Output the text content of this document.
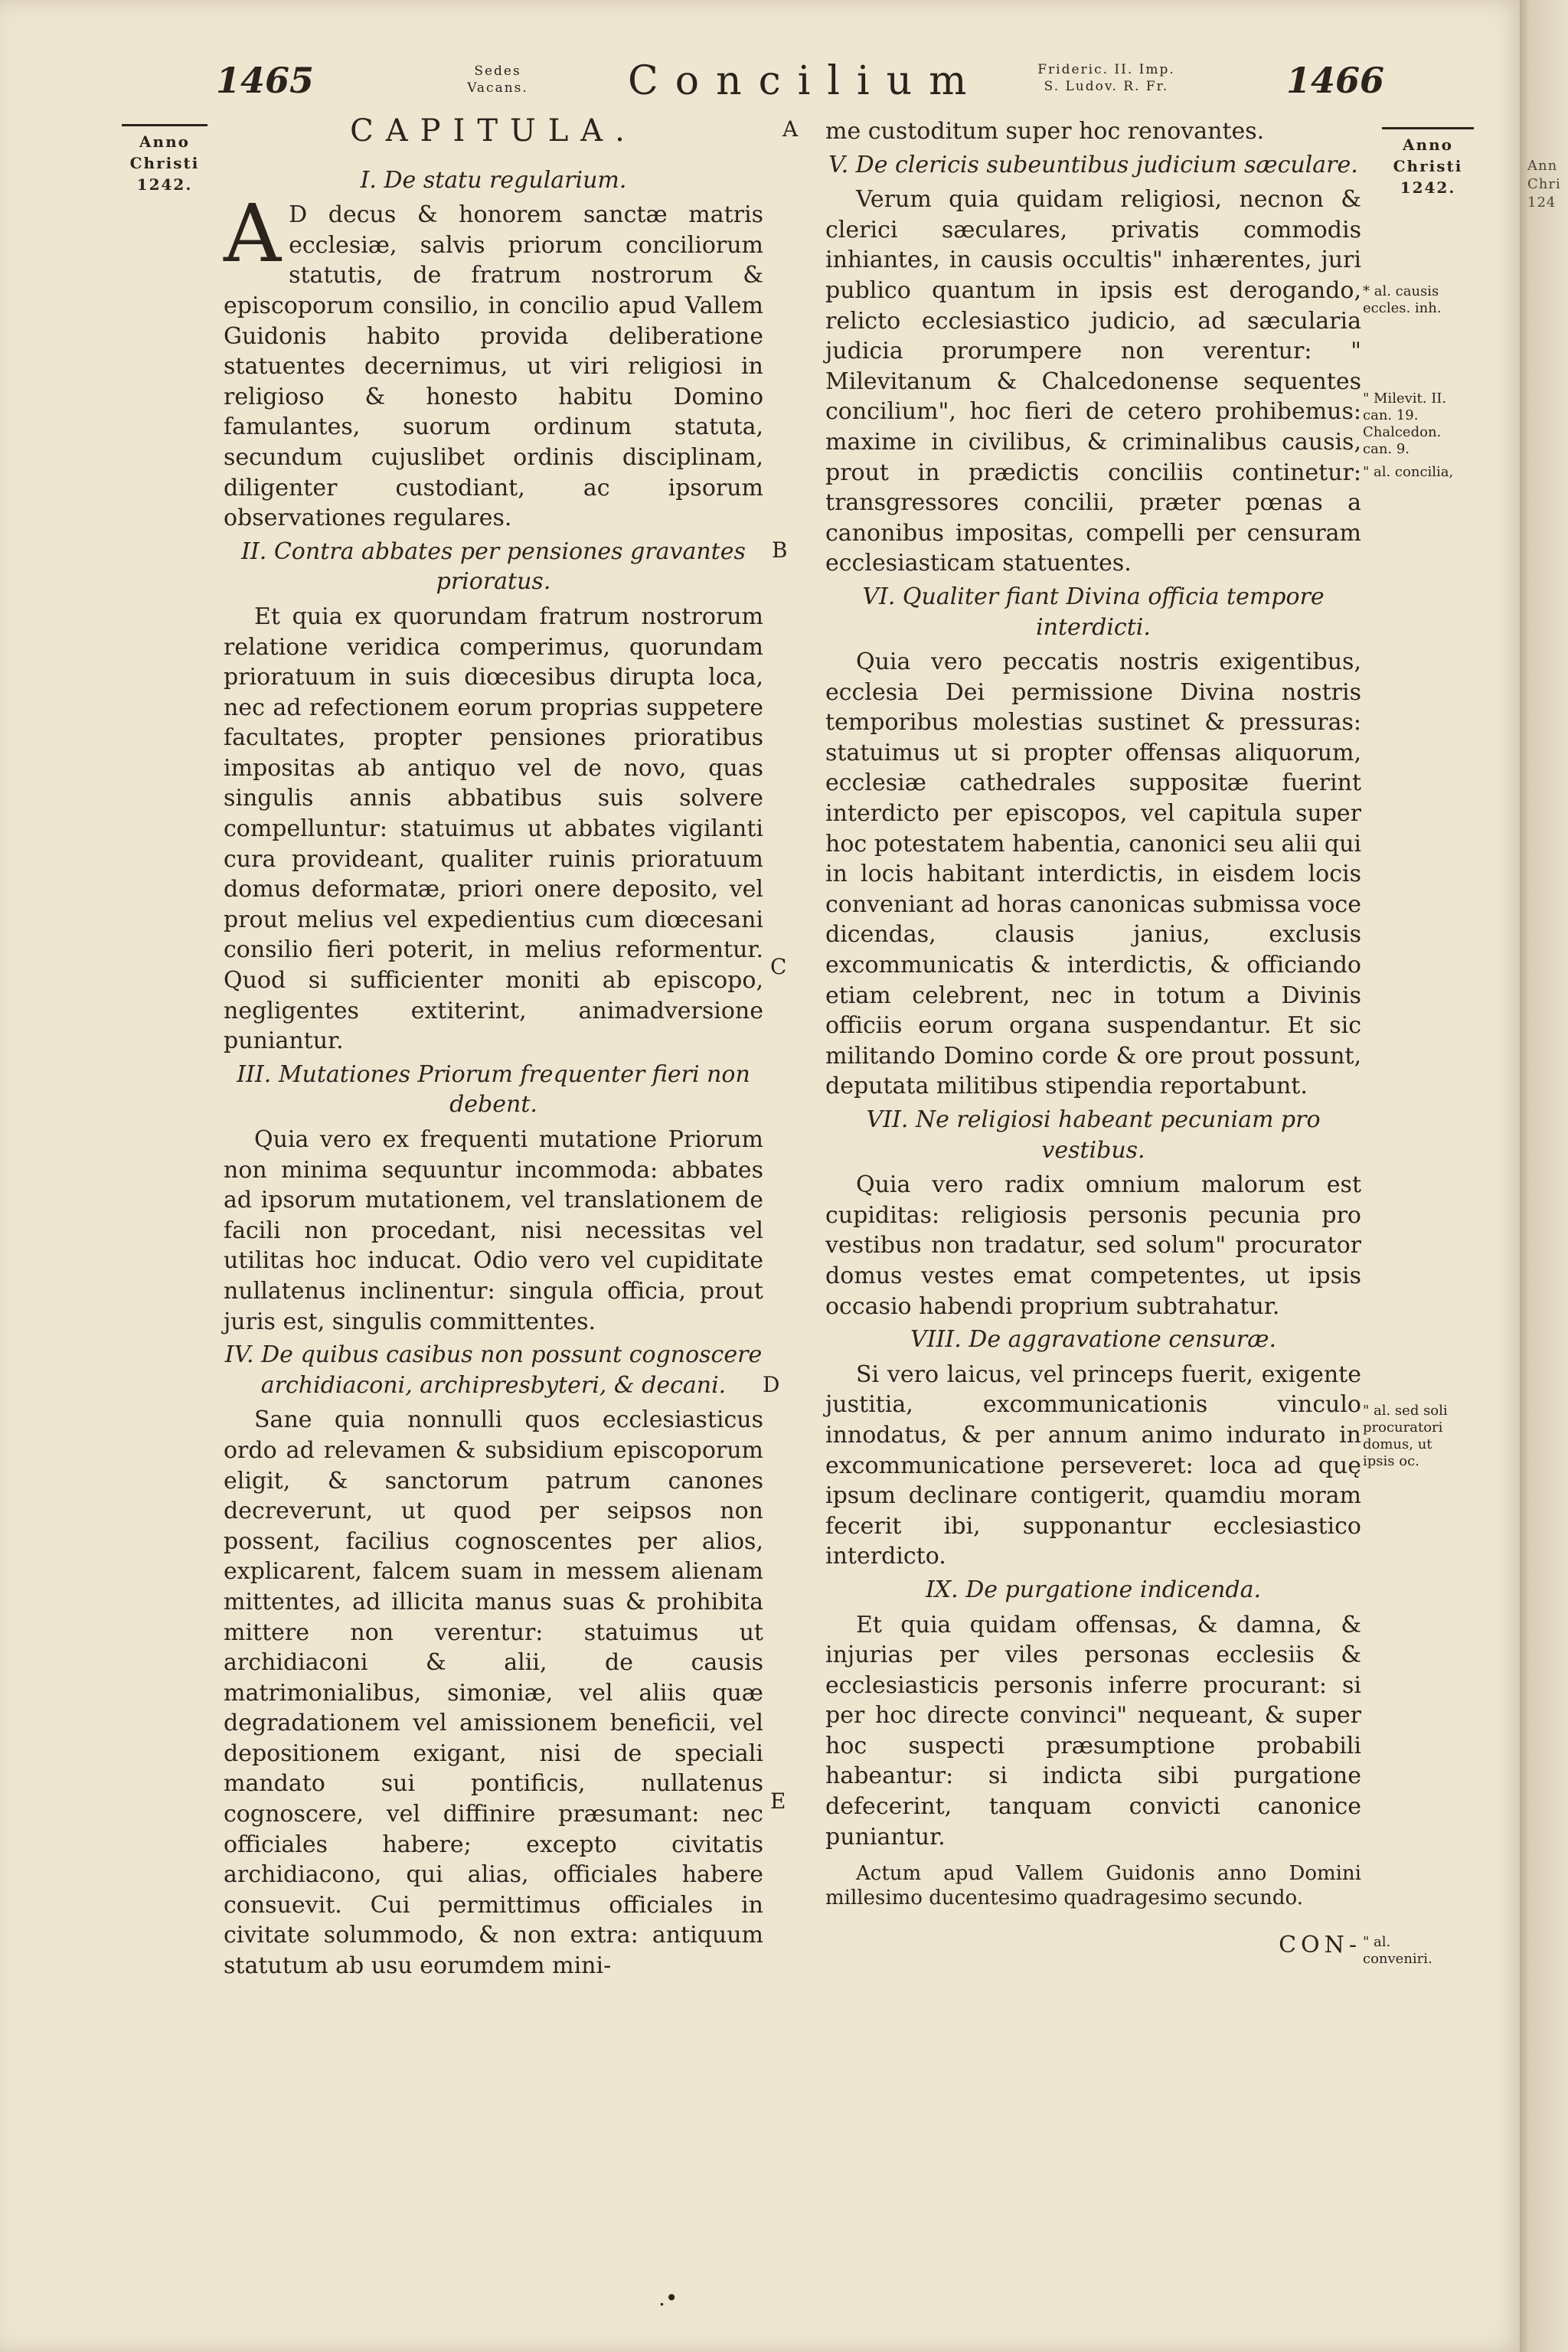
1465	Sedes
Vacans.	Concilium	Frideric. II. Imp.
S. Ludov. R. Fr.	1466
Anno
Christi
1242.
Anno
Christi
1242.
CAPITULA.
I. De statu regularium.

A D decus & honorem sanctæ matris ecclesiæ, salvis priorum conciliorum statutis, de fratrum nostrorum & episcoporum consilio, in concilio apud Vallem Guidonis habito provida deliberatione statuentes decernimus, ut viri religiosi in religioso & honesto habitu Domino famulantes, suorum ordinum statuta, secundum cujuslibet ordinis disciplinam, diligenter custodiant, ac ipsorum observationes regulares.

II. Contra abbates per pensiones gravantes prioratus.

Et quia ex quorundam fratrum nostrorum relatione veridica comperimus, quorundam prioratuum in suis diœcesibus dirupta loca, nec ad refectionem eorum proprias suppetere facultates, propter pensiones prioratibus impositas ab antiquo vel de novo, quas singulis annis abbatibus suis solvere compelluntur: statuimus ut abbates vigilanti cura provideant, qualiter ruinis prioratuum domus deformatæ, priori onere deposito, vel prout melius vel expedientius cum diœcesani consilio fieri poterit, in melius reformentur. Quod si sufficienter moniti ab episcopo, negligentes extiterint, animadversione puniantur.

III. Mutationes Priorum frequenter fieri non debent.

Quia vero ex frequenti mutatione Priorum non minima sequuntur incommoda: abbates ad ipsorum mutationem, vel translationem de facili non procedant, nisi necessitas vel utilitas hoc inducat. Odio vero vel cupiditate nullatenus inclinentur: singula officia, prout juris est, singulis committentes.

IV. De quibus casibus non possunt cognoscere archidiaconi, archipresbyteri, & decani.

Sane quia nonnulli quos ecclesiasticus ordo ad relevamen & subsidium episcoporum eligit, & sanctorum patrum canones decreverunt, ut quod per seipsos non possent, facilius cognoscentes per alios, explicarent, falcem suam in messem alienam mittentes, ad illicita manus suas & prohibita mittere non verentur: statuimus ut archidiaconi & alii, de causis matrimonialibus, simoniæ, vel aliis quæ degradationem vel amissionem beneficii, vel depositionem exigant, nisi de speciali mandato sui pontificis, nullatenus cognoscere, vel diffinire præsumant: nec officiales habere; excepto civitatis archidiacono, qui alias, officiales habere consuevit. Cui permittimus officiales in civitate solummodo, & non extra: antiquum statutum ab usu eorumdem mini-

me custoditum super hoc renovantes.

V. De clericis subeuntibus judicium sæculare.

Verum quia quidam religiosi, necnon & clerici sæculares, privatis commodis inhiantes, in causis occultis" inhærentes, juri publico quantum in ipsis est derogando, relicto ecclesiastico judicio, ad sæcularia judicia prorumpere non verentur: " Milevitanum & Chalcedonense sequentes concilium", hoc fieri de cetero prohibemus: maxime in civilibus, & criminalibus causis, prout in prædictis conciliis continetur: transgressores concilii, præter pœnas a canonibus impositas, compelli per censuram ecclesiasticam statuentes.

VI. Qualiter fiant Divina officia tempore interdicti.

Quia vero peccatis nostris exigentibus, ecclesia Dei permissione Divina nostris temporibus molestias sustinet & pressuras: statuimus ut si propter offensas aliquorum, ecclesiæ cathedrales suppositæ fuerint interdicto per episcopos, vel capitula super hoc potestatem habentia, canonici seu alii qui in locis habitant interdictis, in eisdem locis conveniant ad horas canonicas submissa voce dicendas, clausis janius, exclusis excommunicatis & interdictis, & officiando etiam celebrent, nec in totum a Divinis officiis eorum organa suspendantur. Et sic militando Domino corde & ore prout possunt, deputata militibus stipendia reportabunt.

VII. Ne religiosi habeant pecuniam pro vestibus.

Quia vero radix omnium malorum est cupiditas: religiosis personis pecunia pro vestibus non tradatur, sed solum" procurator domus vestes emat competentes, ut ipsis occasio habendi proprium subtrahatur.

VIII. De aggravatione censuræ.

Si vero laicus, vel princeps fuerit, exigente justitia, excommunicationis vinculo innodatus, & per annum animo indurato in excommunicatione perseveret: loca ad quę ipsum declinare contigerit, quamdiu moram fecerit ibi, supponantur ecclesiastico interdicto.

IX. De purgatione indicenda.

Et quia quidam offensas, & damna, & injurias per viles personas ecclesiis & ecclesiasticis personis inferre procurant: si per hoc directe convinci" nequeant, & super hoc suspecti præsumptione probabili habeantur: si indicta sibi purgatione defecerint, tanquam convicti canonice puniantur.

Actum apud Vallem Guidonis anno Domini millesimo ducentesimo quadragesimo secundo.

CON-
A
B
C
D
E
* al. causis eccles. inh.
" Milevit. II. can. 19. Chalcedon. can. 9.
" al. concilia,
" al. sed soli procuratori domus, ut ipsis oc.
" al. conveniri.
.•
Ann
Chri
124
